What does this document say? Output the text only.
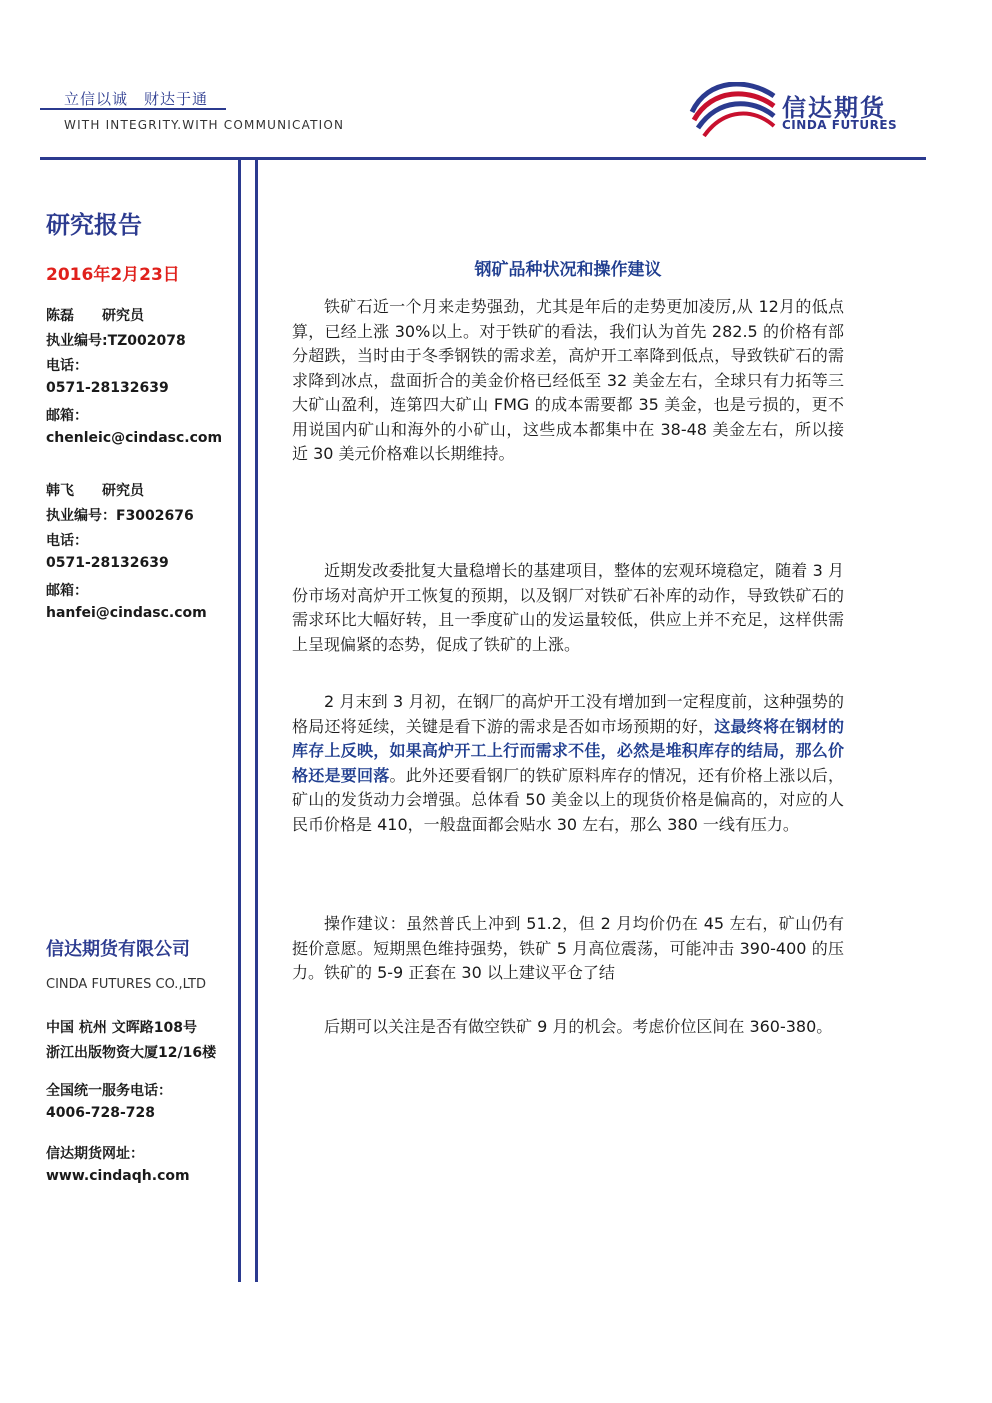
立信以诚　财达于通
WITH INTEGRITY.WITH COMMUNICATION
信达期货
CINDA FUTURES
研究报告
2016年2月23日
陈磊 研究员
执业编号:TZ002078
电话：
0571-28132639
邮箱：
chenleic@cindasc.com
韩飞 研究员
执业编号：F3002676
电话：
0571-28132639
邮箱：
hanfei@cindasc.com
信达期货有限公司
CINDA FUTURES CO.,LTD
中国 杭州 文晖路108号
浙江出版物资大厦12/16楼
全国统一服务电话：
4006-728-728
信达期货网址：
www.cindaqh.com
钢矿品种状况和操作建议

铁矿石近一个月来走势强劲，尤其是年后的走势更加凌厉,从 12月的低点算，已经上涨 30%以上。对于铁矿的看法，我们认为首先 282.5 的价格有部分超跌，当时由于冬季钢铁的需求差，高炉开工率降到低点，导致铁矿石的需求降到冰点，盘面折合的美金价格已经低至 32 美金左右，全球只有力拓等三大矿山盈利，连第四大矿山 FMG 的成本需要都 35 美金，也是亏损的，更不用说国内矿山和海外的小矿山，这些成本都集中在 38-48 美金左右，所以接近 30 美元价格难以长期维持。

近期发改委批复大量稳增长的基建项目，整体的宏观环境稳定，随着 3 月份市场对高炉开工恢复的预期，以及钢厂对铁矿石补库的动作，导致铁矿石的需求环比大幅好转，且一季度矿山的发运量较低，供应上并不充足，这样供需上呈现偏紧的态势，促成了铁矿的上涨。

2 月末到 3 月初，在钢厂的高炉开工没有增加到一定程度前，这种强势的格局还将延续，关键是看下游的需求是否如市场预期的好，这最终将在钢材的库存上反映，如果高炉开工上行而需求不佳，必然是堆积库存的结局，那么价格还是要回落。此外还要看钢厂的铁矿原料库存的情况，还有价格上涨以后，矿山的发货动力会增强。总体看 50 美金以上的现货价格是偏高的，对应的人民币价格是 410，一般盘面都会贴水 30 左右，那么 380 一线有压力。

操作建议：虽然普氏上冲到 51.2，但 2 月均价仍在 45 左右，矿山仍有挺价意愿。短期黑色维持强势，铁矿 5 月高位震荡，可能冲击 390-400 的压力。铁矿的 5-9 正套在 30 以上建议平仓了结

后期可以关注是否有做空铁矿 9 月的机会。考虑价位区间在 360-380。
